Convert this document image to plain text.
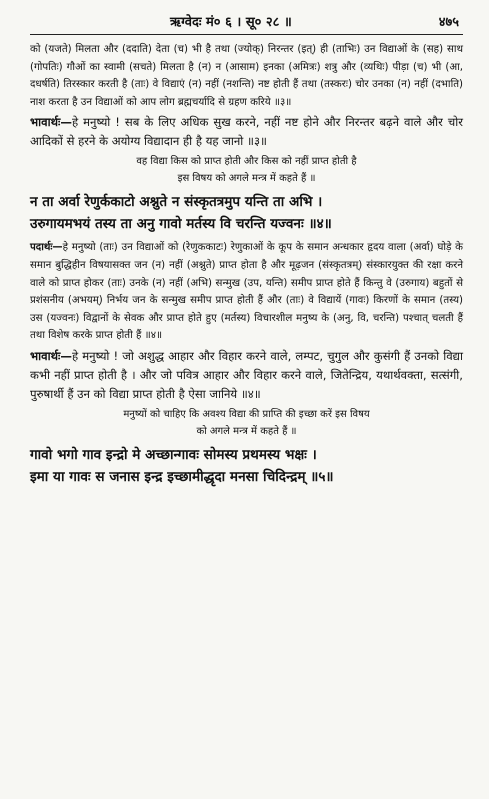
ऋग्वेदः मं० ६ । सू० २८ ॥	४७५
को (यजते) मिलता और (ददाति) देता (च) भी है तथा (ज्योक्) निरन्तर (इत्) ही (ताभिः) उन विद्याओं के (सह) साथ (गोपतिः) गौओं का स्वामी (सचते) मिलता है (न) न (आसाम) इनका (अमित्रः) शत्रु और (व्यथिः) पीड़ा (च) भी (आ, दधर्षति) तिरस्कार करती है (ताः) वे विद्याएं (न) नहीं (नशन्ति) नष्ट होती हैं तथा (तस्करः) चोर उनका (न) नहीं (दभाति) नाश करता है उन विद्याओं को आप लोग ब्रह्मचर्यादि से ग्रहण करिये ॥३॥
भावार्थः—हे मनुष्यो ! सब के लिए अधिक सुख करने, नहीं नष्ट होने और निरन्तर बढ़ने वाले और चोर आदिकों से हरने के अयोग्य विद्यादान ही है यह जानो ॥३॥
वह विद्या किस को प्राप्त होती और किस को नहीं प्राप्त होती है
इस विषय को अगले मन्त्र में कहते हैं ॥
न ता अर्वा रेणुर्ककाटो अश्नुते न संस्कृतत्रमुप यन्ति ता अभि ।
उरुगायमभयं तस्य ता अनु गावो मर्तस्य वि चरन्ति यज्वनः ॥४॥
पदार्थः—हे मनुष्यो (ताः) उन विद्याओं को (रेणुककाटः) रेणुकाओं के कूप के समान अन्धकार हृदय वाला (अर्वा) घोड़े के समान बुद्धिहीन विषयासक्त जन (न) नहीं (अश्नुते) प्राप्त होता है और मूढ़जन (संस्कृतत्रम्) संस्कारयुक्त की रक्षा करने वाले को प्राप्त होकर (ताः) उनके (न) नहीं (अभि) सन्मुख (उप, यन्ति) समीप प्राप्त होते हैं किन्तु वे (उरुगाय) बहुतों से प्रशंसनीय (अभयम्) निर्भय जन के सन्मुख समीप प्राप्त होती हैं और (ताः) वे विद्यायें (गावः) किरणों के समान (तस्य) उस (यज्वनः) विद्वानों के सेवक और प्राप्त होते हुए (मर्तस्य) विचारशील मनुष्य के (अनु, वि, चरन्ति) पश्चात् चलती हैं तथा विशेष करके प्राप्त होती हैं ॥४॥
भावार्थः—हे मनुष्यो ! जो अशुद्ध आहार और विहार करने वाले, लम्पट, चुगुल और कुसंगी हैं उनको विद्या कभी नहीं प्राप्त होती है । और जो पवित्र आहार और विहार करने वाले, जितेन्द्रिय, यथार्थवक्ता, सत्संगी, पुरुषार्थी हैं उन को विद्या प्राप्त होती है ऐसा जानिये ॥४॥
मनुष्यों को चाहिए कि अवश्य विद्या की प्राप्ति की इच्छा करें इस विषय
को अगले मन्त्र में कहते हैं ॥
गावो भगो गाव इन्द्रो मे अच्छान्गावः सोमस्य प्रथमस्य भक्षः ।
इमा या गावः स जनास इन्द्र इच्छामीद्धृदा मनसा चिदिन्द्रम् ॥५॥
